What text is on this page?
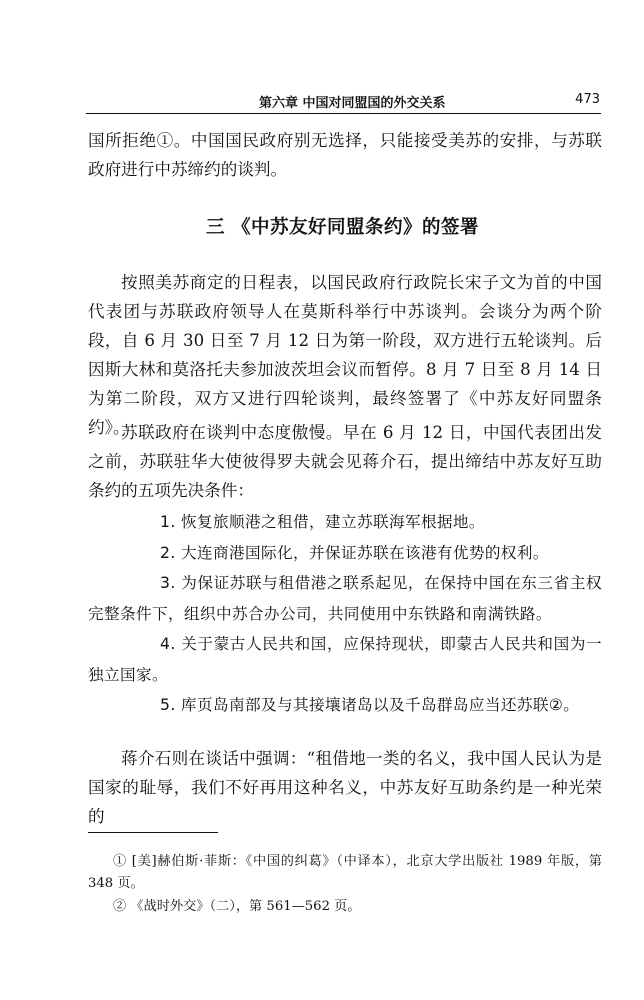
第六章 中国对同盟国的外交关系	473

国所拒绝①。中国国民政府别无选择，只能接受美苏的安排，与苏联政府进行中苏缔约的谈判。

三 《中苏友好同盟条约》的签署

按照美苏商定的日程表，以国民政府行政院长宋子文为首的中国代表团与苏联政府领导人在莫斯科举行中苏谈判。会谈分为两个阶段，自 6 月 30 日至 7 月 12 日为第一阶段，双方进行五轮谈判。后因斯大林和莫洛托夫参加波茨坦会议而暂停。8 月 7 日至 8 月 14 日为第二阶段，双方又进行四轮谈判，最终签署了《中苏友好同盟条约》。

苏联政府在谈判中态度傲慢。早在 6 月 12 日，中国代表团出发之前，苏联驻华大使彼得罗夫就会见蒋介石，提出缔结中苏友好互助条约的五项先决条件：

1. 恢复旅顺港之租借，建立苏联海军根据地。
2. 大连商港国际化，并保证苏联在该港有优势的权利。
3. 为保证苏联与租借港之联系起见，在保持中国在东三省主权完整条件下，组织中苏合办公司，共同使用中东铁路和南满铁路。
4. 关于蒙古人民共和国，应保持现状，即蒙古人民共和国为一独立国家。
5. 库页岛南部及与其接壤诸岛以及千岛群岛应当还苏联②。

蒋介石则在谈话中强调：“租借地一类的名义，我中国人民认为是国家的耻辱，我们不好再用这种名义，中苏友好互助条约是一种光荣的

① [美]赫伯斯·菲斯：《中国的纠葛》（中译本），北京大学出版社 1989 年版，第 348 页。

② 《战时外交》（二），第 561—562 页。
